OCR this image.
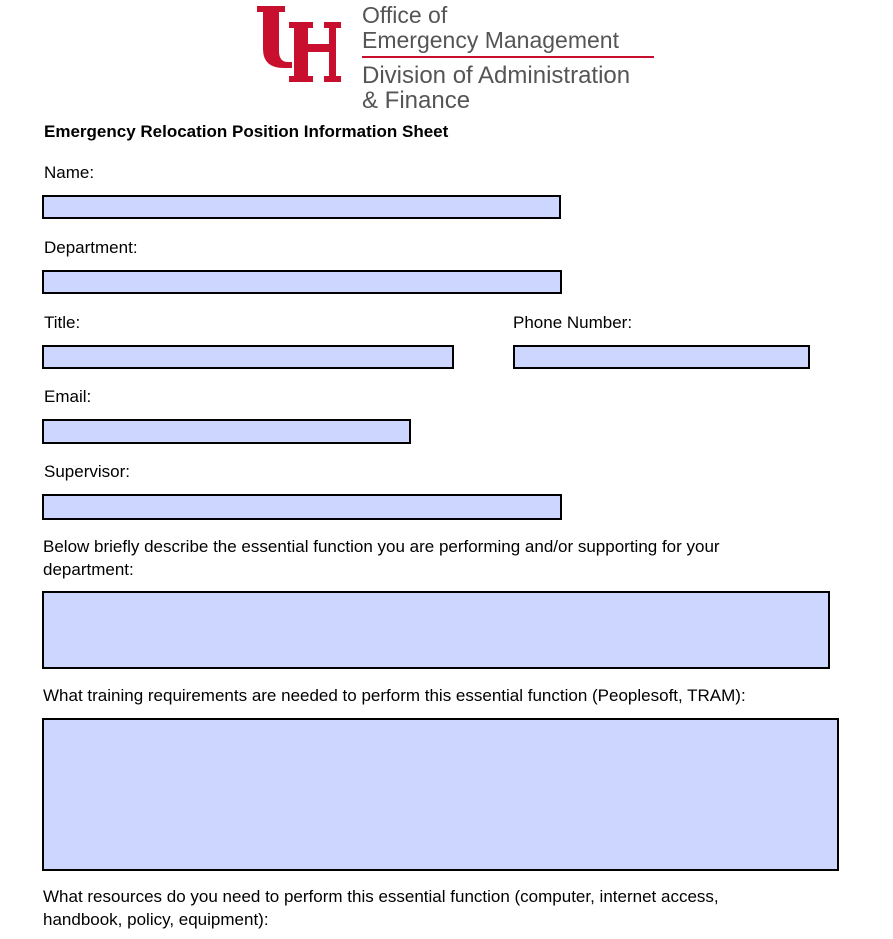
Office of
Emergency Management
Division of Administration
& Finance
Emergency Relocation Position Information Sheet
Name:
Department:
Title:	Phone Number:
Email:
Supervisor:
Below briefly describe the essential function you are performing and/or supporting for your
department:
What training requirements are needed to perform this essential function (Peoplesoft, TRAM):
What resources do you need to perform this essential function (computer, internet access,
handbook, policy, equipment):
